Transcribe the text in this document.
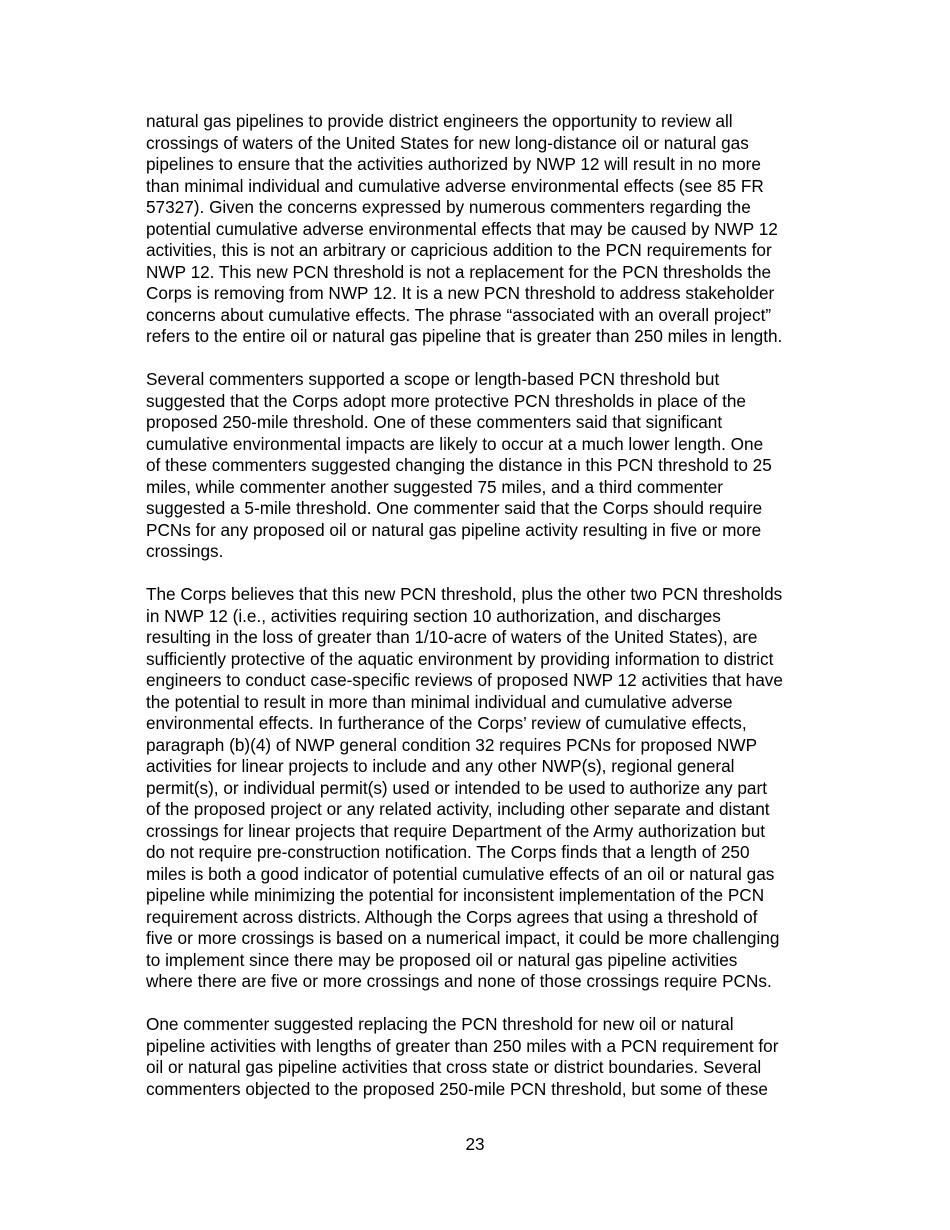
natural gas pipelines to provide district engineers the opportunity to review all
crossings of waters of the United States for new long-distance oil or natural gas
pipelines to ensure that the activities authorized by NWP 12 will result in no more
than minimal individual and cumulative adverse environmental effects (see 85 FR
57327). Given the concerns expressed by numerous commenters regarding the
potential cumulative adverse environmental effects that may be caused by NWP 12
activities, this is not an arbitrary or capricious addition to the PCN requirements for
NWP 12. This new PCN threshold is not a replacement for the PCN thresholds the
Corps is removing from NWP 12. It is a new PCN threshold to address stakeholder
concerns about cumulative effects. The phrase “associated with an overall project”
refers to the entire oil or natural gas pipeline that is greater than 250 miles in length.
Several commenters supported a scope or length-based PCN threshold but
suggested that the Corps adopt more protective PCN thresholds in place of the
proposed 250-mile threshold. One of these commenters said that significant
cumulative environmental impacts are likely to occur at a much lower length. One
of these commenters suggested changing the distance in this PCN threshold to 25
miles, while commenter another suggested 75 miles, and a third commenter
suggested a 5-mile threshold. One commenter said that the Corps should require
PCNs for any proposed oil or natural gas pipeline activity resulting in five or more
crossings.
The Corps believes that this new PCN threshold, plus the other two PCN thresholds
in NWP 12 (i.e., activities requiring section 10 authorization, and discharges
resulting in the loss of greater than 1/10-acre of waters of the United States), are
sufficiently protective of the aquatic environment by providing information to district
engineers to conduct case-specific reviews of proposed NWP 12 activities that have
the potential to result in more than minimal individual and cumulative adverse
environmental effects. In furtherance of the Corps’ review of cumulative effects,
paragraph (b)(4) of NWP general condition 32 requires PCNs for proposed NWP
activities for linear projects to include and any other NWP(s), regional general
permit(s), or individual permit(s) used or intended to be used to authorize any part
of the proposed project or any related activity, including other separate and distant
crossings for linear projects that require Department of the Army authorization but
do not require pre-construction notification. The Corps finds that a length of 250
miles is both a good indicator of potential cumulative effects of an oil or natural gas
pipeline while minimizing the potential for inconsistent implementation of the PCN
requirement across districts. Although the Corps agrees that using a threshold of
five or more crossings is based on a numerical impact, it could be more challenging
to implement since there may be proposed oil or natural gas pipeline activities
where there are five or more crossings and none of those crossings require PCNs.
One commenter suggested replacing the PCN threshold for new oil or natural
pipeline activities with lengths of greater than 250 miles with a PCN requirement for
oil or natural gas pipeline activities that cross state or district boundaries. Several
commenters objected to the proposed 250-mile PCN threshold, but some of these
23
